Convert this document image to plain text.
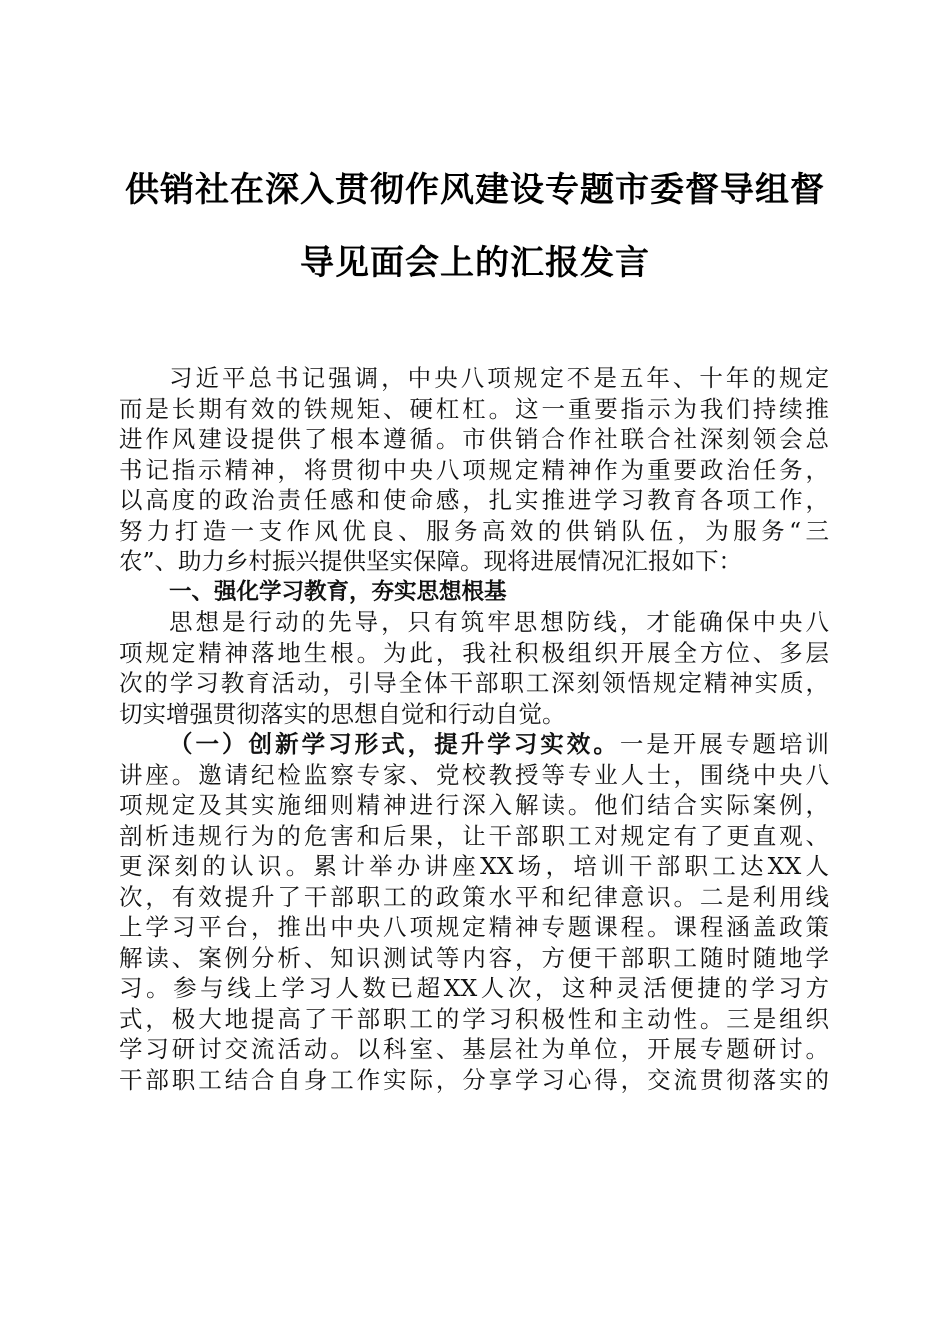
供销社在深入贯彻作风建设专题市委督导组督
导见面会上的汇报发言
习近平总书记强调，中央八项规定不是五年、十年的规定
而是长期有效的铁规矩、硬杠杠。这一重要指示为我们持续推
进作风建设提供了根本遵循。市供销合作社联合社深刻领会总
书记指示精神，将贯彻中央八项规定精神作为重要政治任务，
以高度的政治责任感和使命感，扎实推进学习教育各项工作，
努力打造一支作风优良、服务高效的供销队伍，为服务“三
农”、助力乡村振兴提供坚实保障。现将进展情况汇报如下：
一、强化学习教育，夯实思想根基
思想是行动的先导，只有筑牢思想防线，才能确保中央八
项规定精神落地生根。为此，我社积极组织开展全方位、多层
次的学习教育活动，引导全体干部职工深刻领悟规定精神实质，
切实增强贯彻落实的思想自觉和行动自觉。
（一）创新学习形式，提升学习实效。一是开展专题培训
讲座。邀请纪检监察专家、党校教授等专业人士，围绕中央八
项规定及其实施细则精神进行深入解读。他们结合实际案例，
剖析违规行为的危害和后果，让干部职工对规定有了更直观、
更深刻的认识。累计举办讲座XX场，培训干部职工达XX人
次，有效提升了干部职工的政策水平和纪律意识。二是利用线
上学习平台，推出中央八项规定精神专题课程。课程涵盖政策
解读、案例分析、知识测试等内容，方便干部职工随时随地学
习。参与线上学习人数已超XX人次，这种灵活便捷的学习方
式，极大地提高了干部职工的学习积极性和主动性。三是组织
学习研讨交流活动。以科室、基层社为单位，开展专题研讨。
干部职工结合自身工作实际，分享学习心得，交流贯彻落实的
